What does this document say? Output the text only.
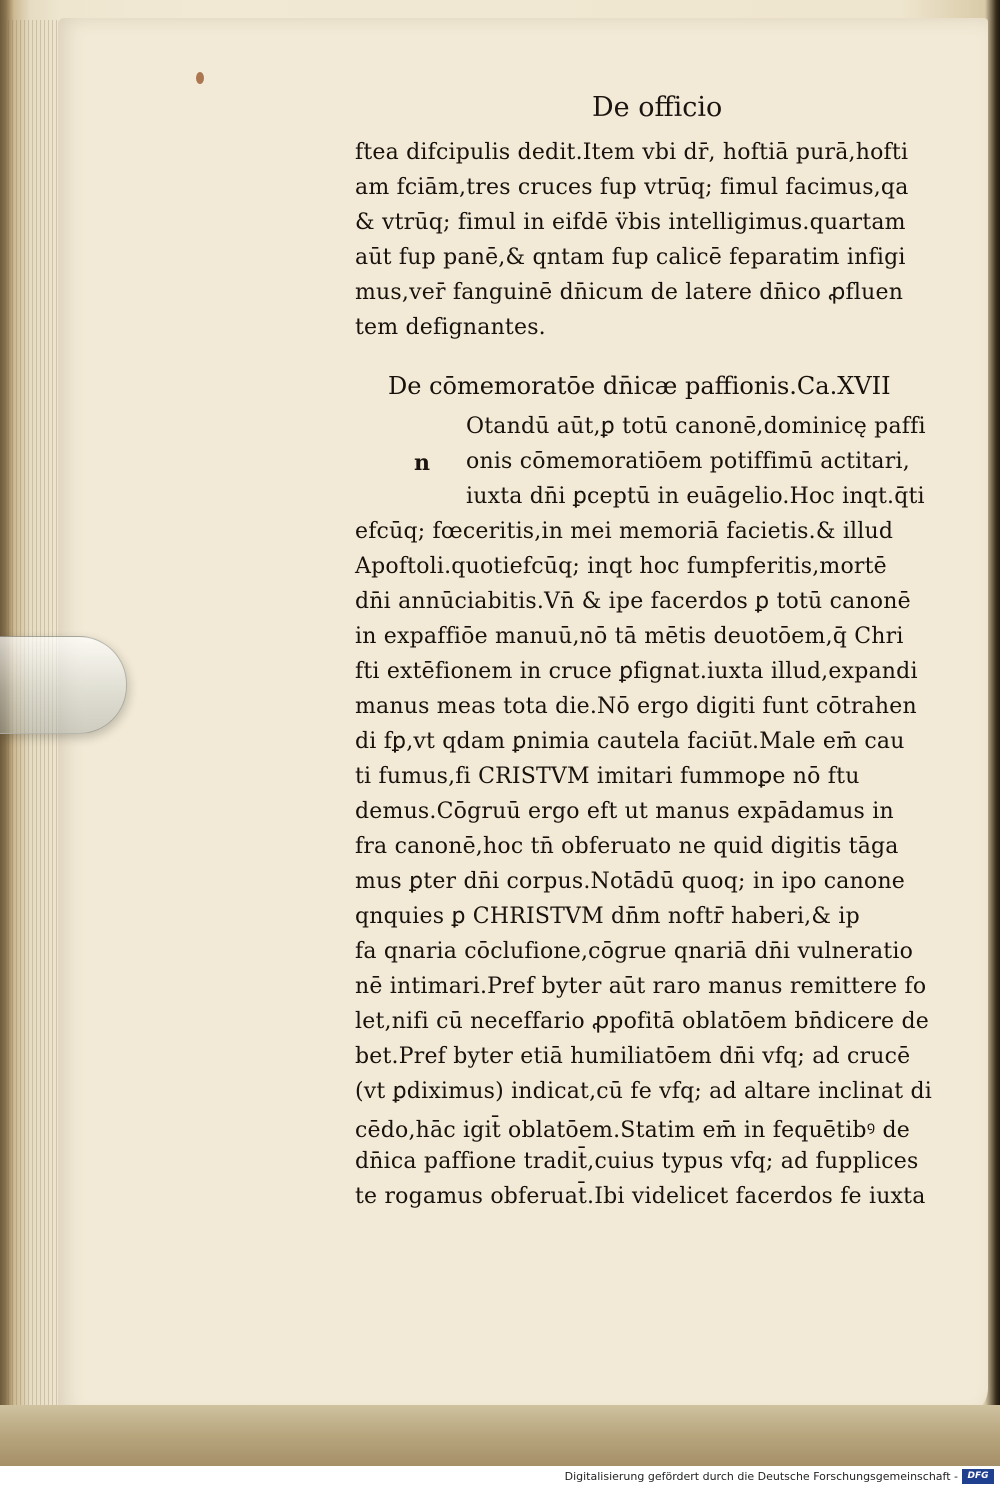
De officio
ftea difcipulis dedit.Item vbi dr̄, hoftiā purā,hofti
am fciām,tres cruces fup vtrūq; fimul facimus,qa
& vtrūq; fimul in eifdē v̈bis intelligimus.quartam
aūt fup panē,& qntam fup calicē feparatim infigi
mus,ver̄ fanguinē dn̄icum de latere dn̄ico ꝓfluen
tem defignantes.
De cōmemoratōe dn̄icæ paffionis.Ca.XVII
n
Otandū aūt,ꝑ totū canonē,dominicę paffi
onis cōmemoratiōem potiffimū actitari,
iuxta dn̄i ꝑceptū in euāgelio.Hoc inqt.q̄ti
efcūq; fœceritis,in mei memoriā facietis.& illud
Apoftoli.quotiefcūq; inqt hoc fumpferitis,mortē
dn̄i annūciabitis.Vn̄ & ipe facerdos ꝑ totū canonē
in expaffiōe manuū,nō tā mētis deuotōem,q̄ Chri
fti extēfionem in cruce ꝑfignat.iuxta illud,expandi
manus meas tota die.Nō ergo digiti funt cōtrahen
di fꝑ,vt qdam ꝑnimia cautela faciūt.Male em̄ cau
ti fumus,fi CRISTVM imitari fummoꝑe nō ftu
demus.Cōgruū ergo eft ut manus expādamus in
fra canonē,hoc tn̄ obferuato ne quid digitis tāga
mus ꝑter dn̄i corpus.Notādū quoq; in ipo canone
qnquies ꝑ CHRISTVM dn̄m noftr̄ haberi,& ip
fa qnaria cōclufione,cōgrue qnariā dn̄i vulneratio
nē intimari.Pref byter aūt raro manus remittere fo
let,nifi cū neceffario ꝓpofitā oblatōem bn̄dicere de
bet.Pref byter etiā humiliatōem dn̄i vfq; ad crucē
(vt ꝑdiximus) indicat,cū fe vfq; ad altare inclinat di
cēdo,hāc igit̄ oblatōem.Statim em̄ in fequētibꝰ de
dn̄ica paffione tradit̄,cuius typus vfq; ad fupplices
te rogamus obferuat̄.Ibi videlicet facerdos fe iuxta
Digitalisierung gefördert durch die Deutsche Forschungsgemeinschaft -	DFG
